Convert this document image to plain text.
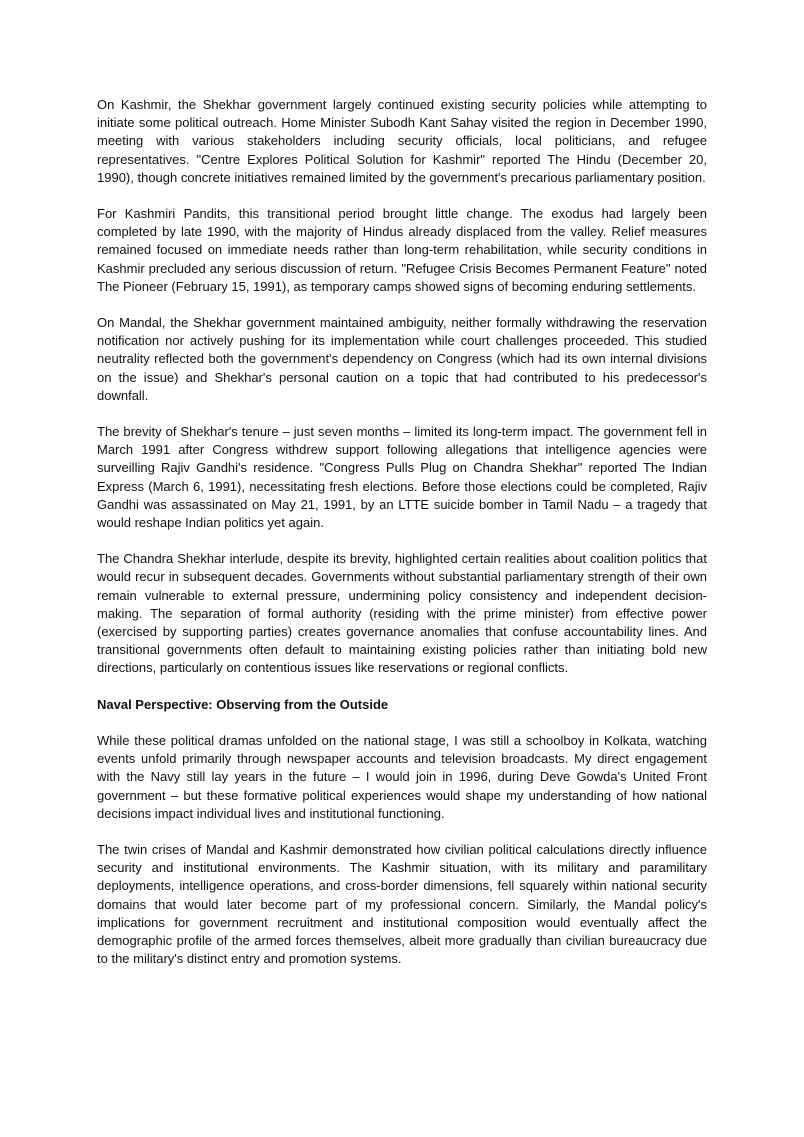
On Kashmir, the Shekhar government largely continued existing security policies while attempting to initiate some political outreach. Home Minister Subodh Kant Sahay visited the region in December 1990, meeting with various stakeholders including security officials, local politicians, and refugee representatives. "Centre Explores Political Solution for Kashmir" reported The Hindu (December 20, 1990), though concrete initiatives remained limited by the government's precarious parliamentary position.

For Kashmiri Pandits, this transitional period brought little change. The exodus had largely been completed by late 1990, with the majority of Hindus already displaced from the valley. Relief measures remained focused on immediate needs rather than long-term rehabilitation, while security conditions in Kashmir precluded any serious discussion of return. "Refugee Crisis Becomes Permanent Feature" noted The Pioneer (February 15, 1991), as temporary camps showed signs of becoming enduring settlements.

On Mandal, the Shekhar government maintained ambiguity, neither formally withdrawing the reservation notification nor actively pushing for its implementation while court challenges proceeded. This studied neutrality reflected both the government's dependency on Congress (which had its own internal divisions on the issue) and Shekhar's personal caution on a topic that had contributed to his predecessor's downfall.

The brevity of Shekhar's tenure – just seven months – limited its long-term impact. The government fell in March 1991 after Congress withdrew support following allegations that intelligence agencies were surveilling Rajiv Gandhi's residence. "Congress Pulls Plug on Chandra Shekhar" reported The Indian Express (March 6, 1991), necessitating fresh elections. Before those elections could be completed, Rajiv Gandhi was assassinated on May 21, 1991, by an LTTE suicide bomber in Tamil Nadu – a tragedy that would reshape Indian politics yet again.

The Chandra Shekhar interlude, despite its brevity, highlighted certain realities about coalition politics that would recur in subsequent decades. Governments without substantial parliamentary strength of their own remain vulnerable to external pressure, undermining policy consistency and independent decision-making. The separation of formal authority (residing with the prime minister) from effective power (exercised by supporting parties) creates governance anomalies that confuse accountability lines. And transitional governments often default to maintaining existing policies rather than initiating bold new directions, particularly on contentious issues like reservations or regional conflicts.

Naval Perspective: Observing from the Outside

While these political dramas unfolded on the national stage, I was still a schoolboy in Kolkata, watching events unfold primarily through newspaper accounts and television broadcasts. My direct engagement with the Navy still lay years in the future – I would join in 1996, during Deve Gowda's United Front government – but these formative political experiences would shape my understanding of how national decisions impact individual lives and institutional functioning.

The twin crises of Mandal and Kashmir demonstrated how civilian political calculations directly influence security and institutional environments. The Kashmir situation, with its military and paramilitary deployments, intelligence operations, and cross-border dimensions, fell squarely within national security domains that would later become part of my professional concern. Similarly, the Mandal policy's implications for government recruitment and institutional composition would eventually affect the demographic profile of the armed forces themselves, albeit more gradually than civilian bureaucracy due to the military's distinct entry and promotion systems.
